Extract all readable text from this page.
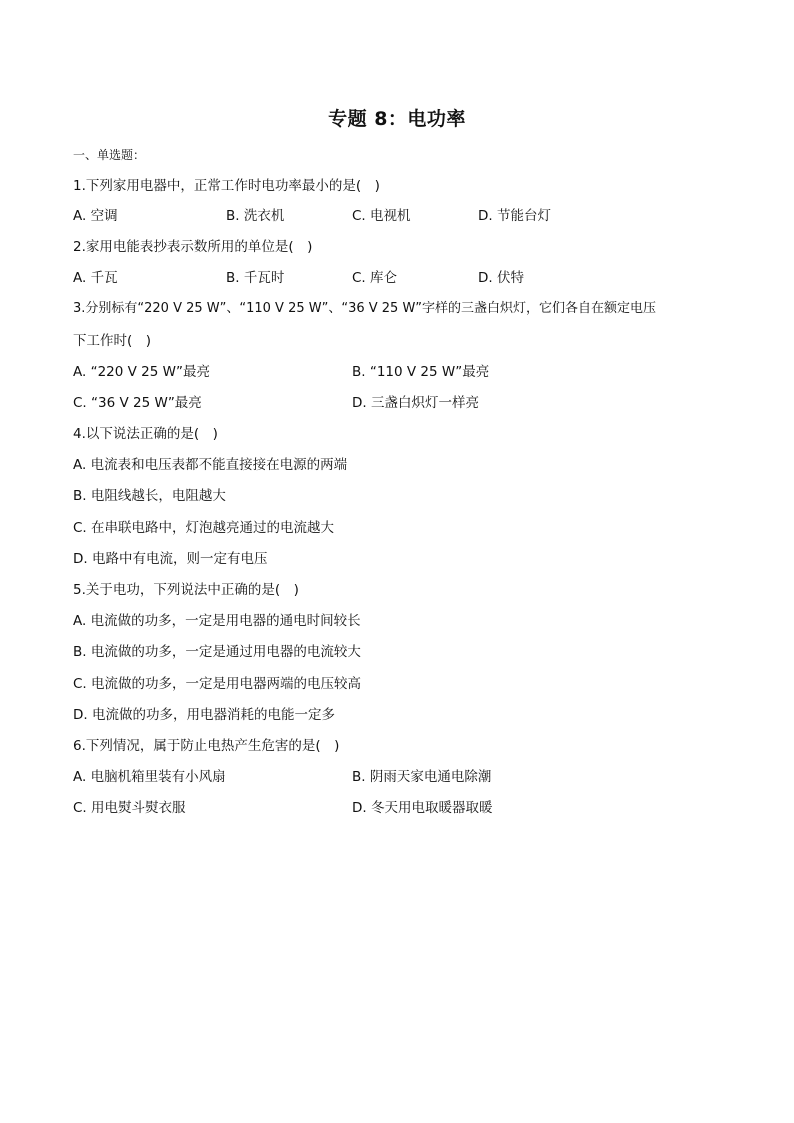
专题 8：电功率
一、单选题：
1.下列家用电器中，正常工作时电功率最小的是(　)
A. 空调	B. 洗衣机	C. 电视机	D. 节能台灯
2.家用电能表抄表示数所用的单位是(　)
A. 千瓦	B. 千瓦时	C. 库仑	D. 伏特
3.分别标有“220 V 25 W”、“110 V 25 W”、“36 V 25 W”字样的三盏白炽灯，它们各自在额定电压
下工作时(　)
A. “220 V 25 W”最亮	B. “110 V 25 W”最亮
C. “36 V 25 W”最亮	D. 三盏白炽灯一样亮
4.以下说法正确的是(　)
A. 电流表和电压表都不能直接接在电源的两端
B. 电阻线越长，电阻越大
C. 在串联电路中，灯泡越亮通过的电流越大
D. 电路中有电流，则一定有电压
5.关于电功，下列说法中正确的是(　)
A. 电流做的功多，一定是用电器的通电时间较长
B. 电流做的功多，一定是通过用电器的电流较大
C. 电流做的功多，一定是用电器两端的电压较高
D. 电流做的功多，用电器消耗的电能一定多
6.下列情况，属于防止电热产生危害的是(　)
A. 电脑机箱里装有小风扇	B. 阴雨天家电通电除潮
C. 用电熨斗熨衣服	D. 冬天用电取暖器取暖
